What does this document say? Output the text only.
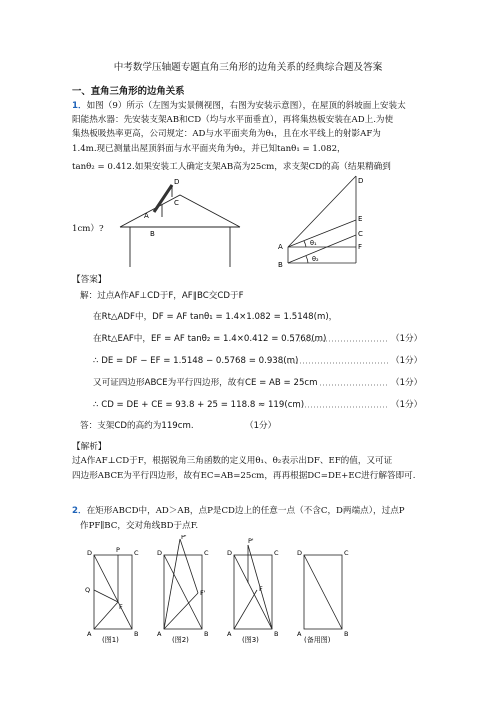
中考数学压轴题专题直角三角形的边角关系的经典综合题及答案
一、直角三角形的边角关系
1．如图（9）所示（左图为实景侧视图，右图为安装示意图），在屋顶的斜坡面上安装太
阳能热水器：先安装支架AB和CD（均与水平面垂直），再将集热板安装在AD上.为使
集热板吸热率更高，公司规定：AD与水平面夹角为θ₁，且在水平线上的射影AF为
1.4m.现已测量出屋顶斜面与水平面夹角为θ₂，并已知tanθ₁ = 1.082，
tanθ₂ = 0.412.如果安装工人确定支架AB高为25cm，求支架CD的高（结果精确到
1cm）?
D
A
B
C
D
E
C
F
A
B
θ₁
θ₂
【答案】
解：过点A作AF⊥CD于F，AF∥BC交CD于F
在Rt△ADF中，DF = AF tanθ₁ = 1.4×1.082 = 1.5148(m)，
在Rt△EAF中，EF = AF tanθ₂ = 1.4×0.412 = 0.5768(m)	（1分）
∴ DE = DF − EF = 1.5148 − 0.5768 = 0.938(m)	（1分）
又可证四边形ABCE为平行四边形，故有CE = AB = 25cm	（1分）
∴ CD = DE + CE = 93.8 + 25 = 118.8 ≈ 119(cm)	（1分）
答：支架CD的高约为119cm.	（1分）
【解析】
过A作AF⊥CD于F，根据锐角三角函数的定义用θ₁、θ₂表示出DF、EF的值，又可证
四边形ABCE为平行四边形，故有EC=AB=25cm，再再根据DC=DE+EC进行解答即可.
2．在矩形ABCD中，AD＞AB，点P是CD边上的任意一点（不含C，D两端点），过点P
作PF∥BC，交对角线BD于点F.
D	P C
Q
F
A	B
D
P'
C
F'
A	B
D
P'
C
F
A	B
D	C
A	B
(图1)	(图2)	(图3)	(备用图)
